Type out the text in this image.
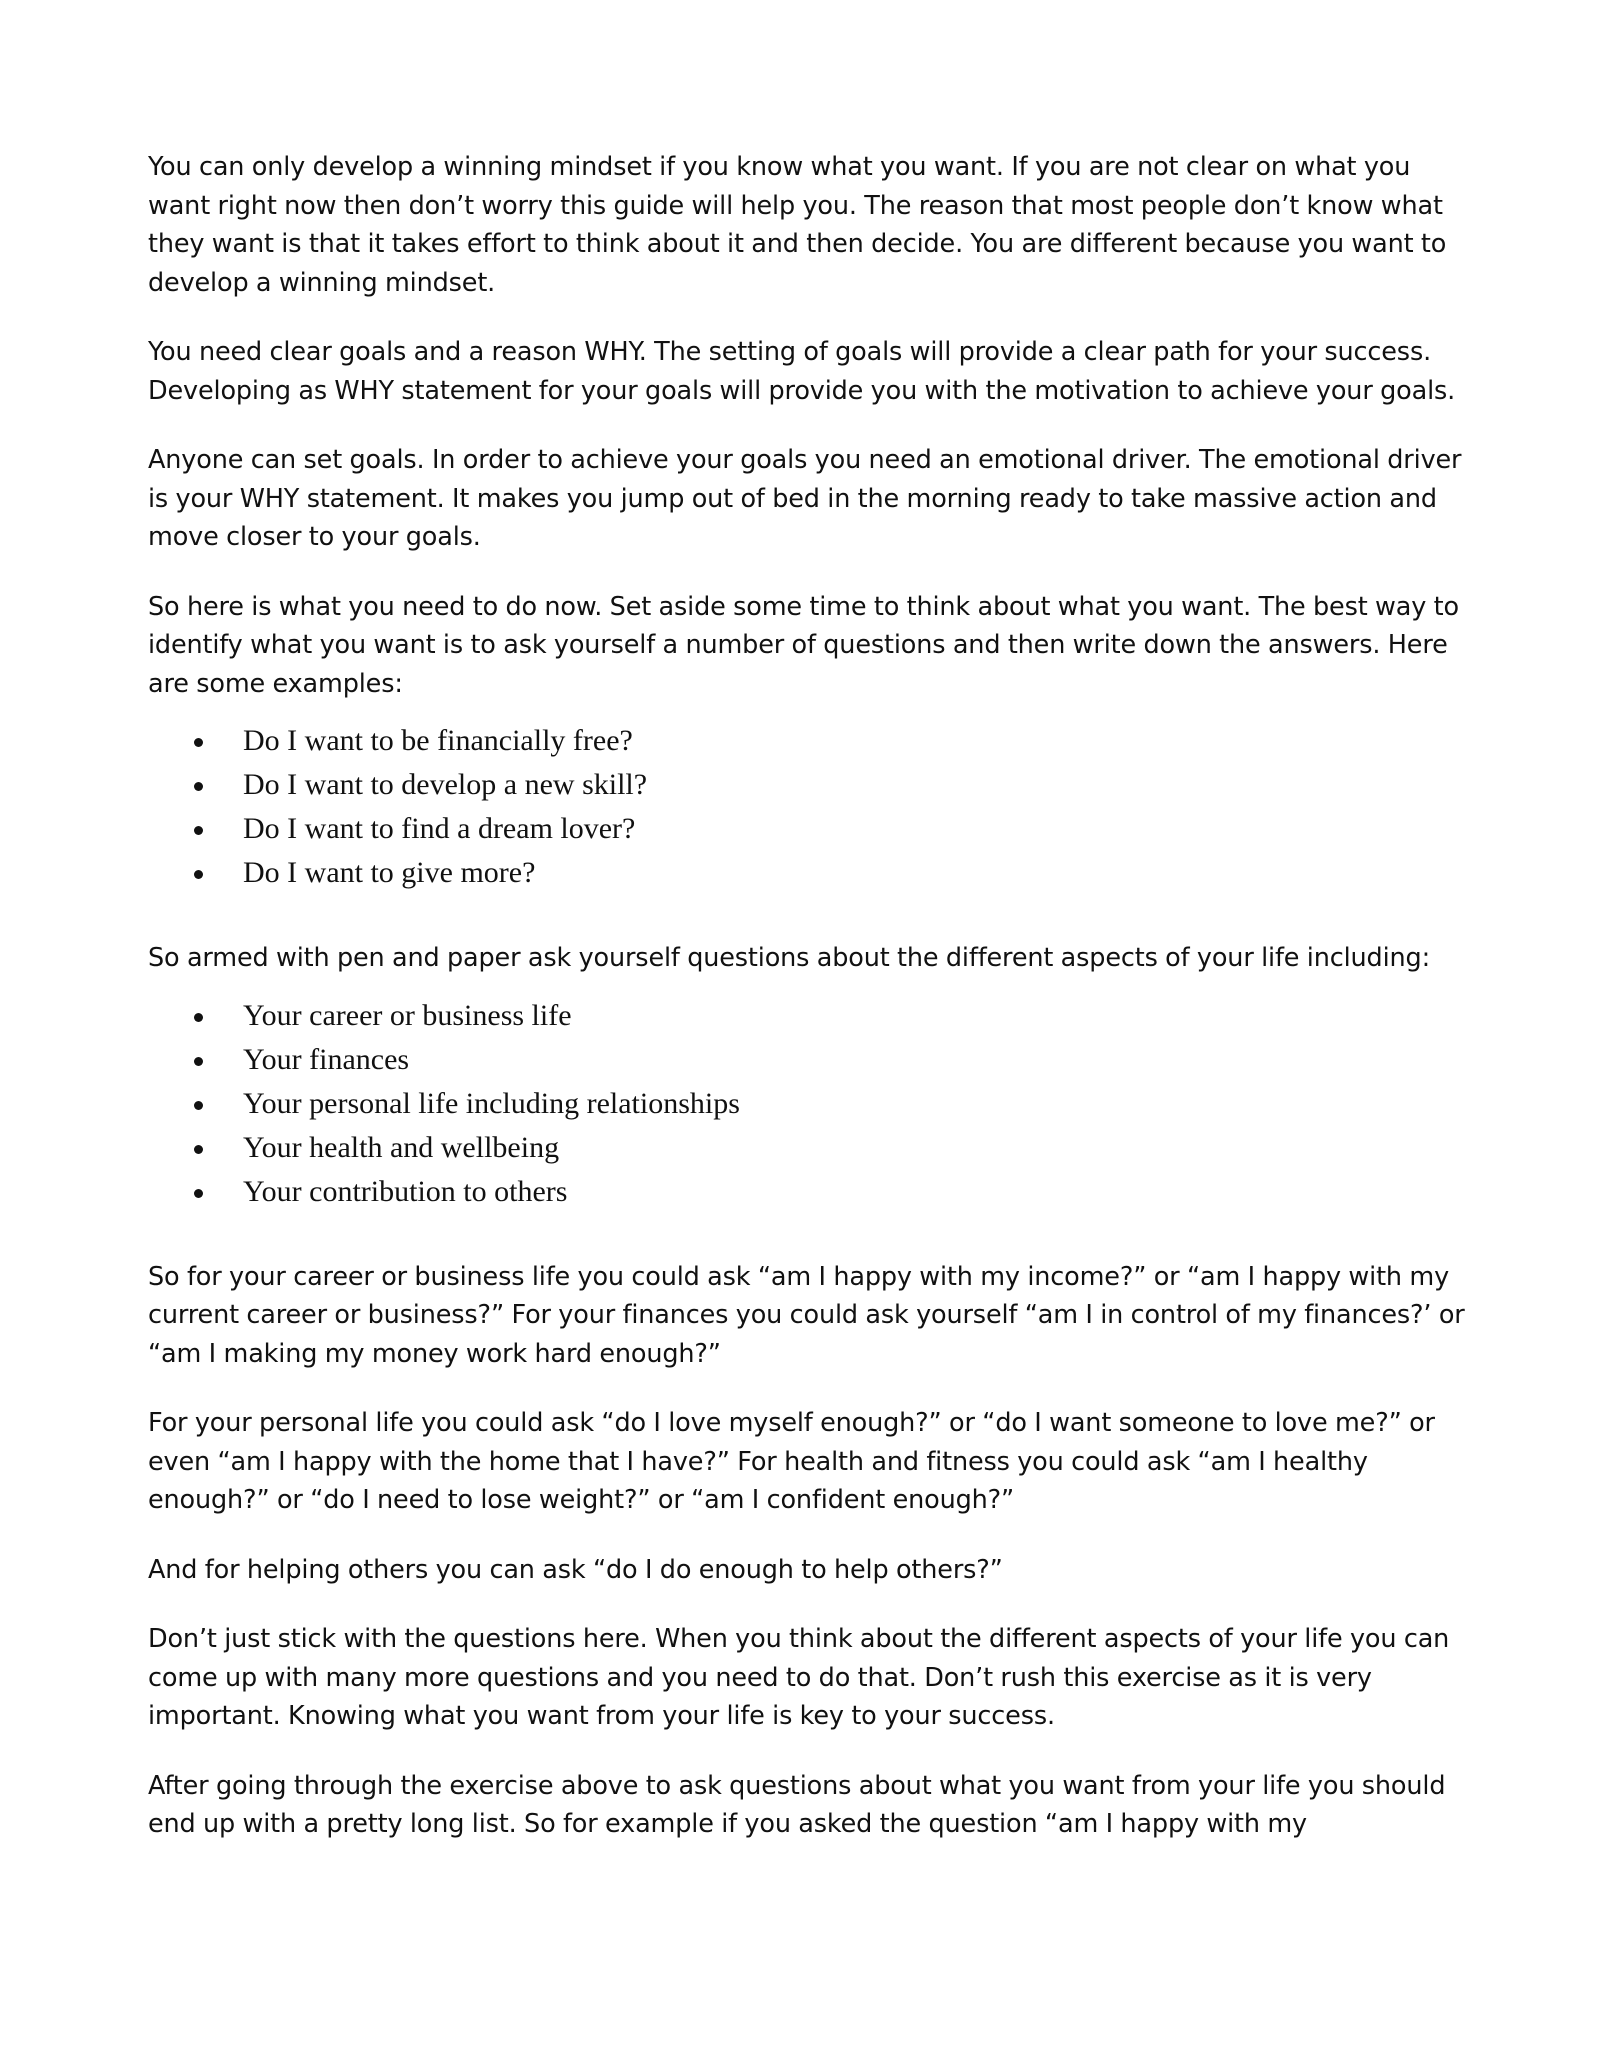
You can only develop a winning mindset if you know what you want. If you are not clear on what you want right now then don’t worry this guide will help you. The reason that most people don’t know what they want is that it takes effort to think about it and then decide. You are different because you want to develop a winning mindset.

You need clear goals and a reason WHY. The setting of goals will provide a clear path for your success. Developing as WHY statement for your goals will provide you with the motivation to achieve your goals.

Anyone can set goals. In order to achieve your goals you need an emotional driver. The emotional driver is your WHY statement. It makes you jump out of bed in the morning ready to take massive action and move closer to your goals.

So here is what you need to do now. Set aside some time to think about what you want. The best way to identify what you want is to ask yourself a number of questions and then write down the answers. Here are some examples:

Do I want to be financially free?
Do I want to develop a new skill?
Do I want to find a dream lover?
Do I want to give more?

So armed with pen and paper ask yourself questions about the different aspects of your life including:

Your career or business life
Your finances
Your personal life including relationships
Your health and wellbeing
Your contribution to others

So for your career or business life you could ask “am I happy with my income?” or “am I happy with my current career or business?” For your finances you could ask yourself “am I in control of my finances?’ or “am I making my money work hard enough?”

For your personal life you could ask “do I love myself enough?” or “do I want someone to love me?” or even “am I happy with the home that I have?” For health and fitness you could ask “am I healthy enough?” or “do I need to lose weight?” or “am I confident enough?”

And for helping others you can ask “do I do enough to help others?”

Don’t just stick with the questions here. When you think about the different aspects of your life you can come up with many more questions and you need to do that. Don’t rush this exercise as it is very important. Knowing what you want from your life is key to your success.

After going through the exercise above to ask questions about what you want from your life you should end up with a pretty long list. So for example if you asked the question “am I happy with my
